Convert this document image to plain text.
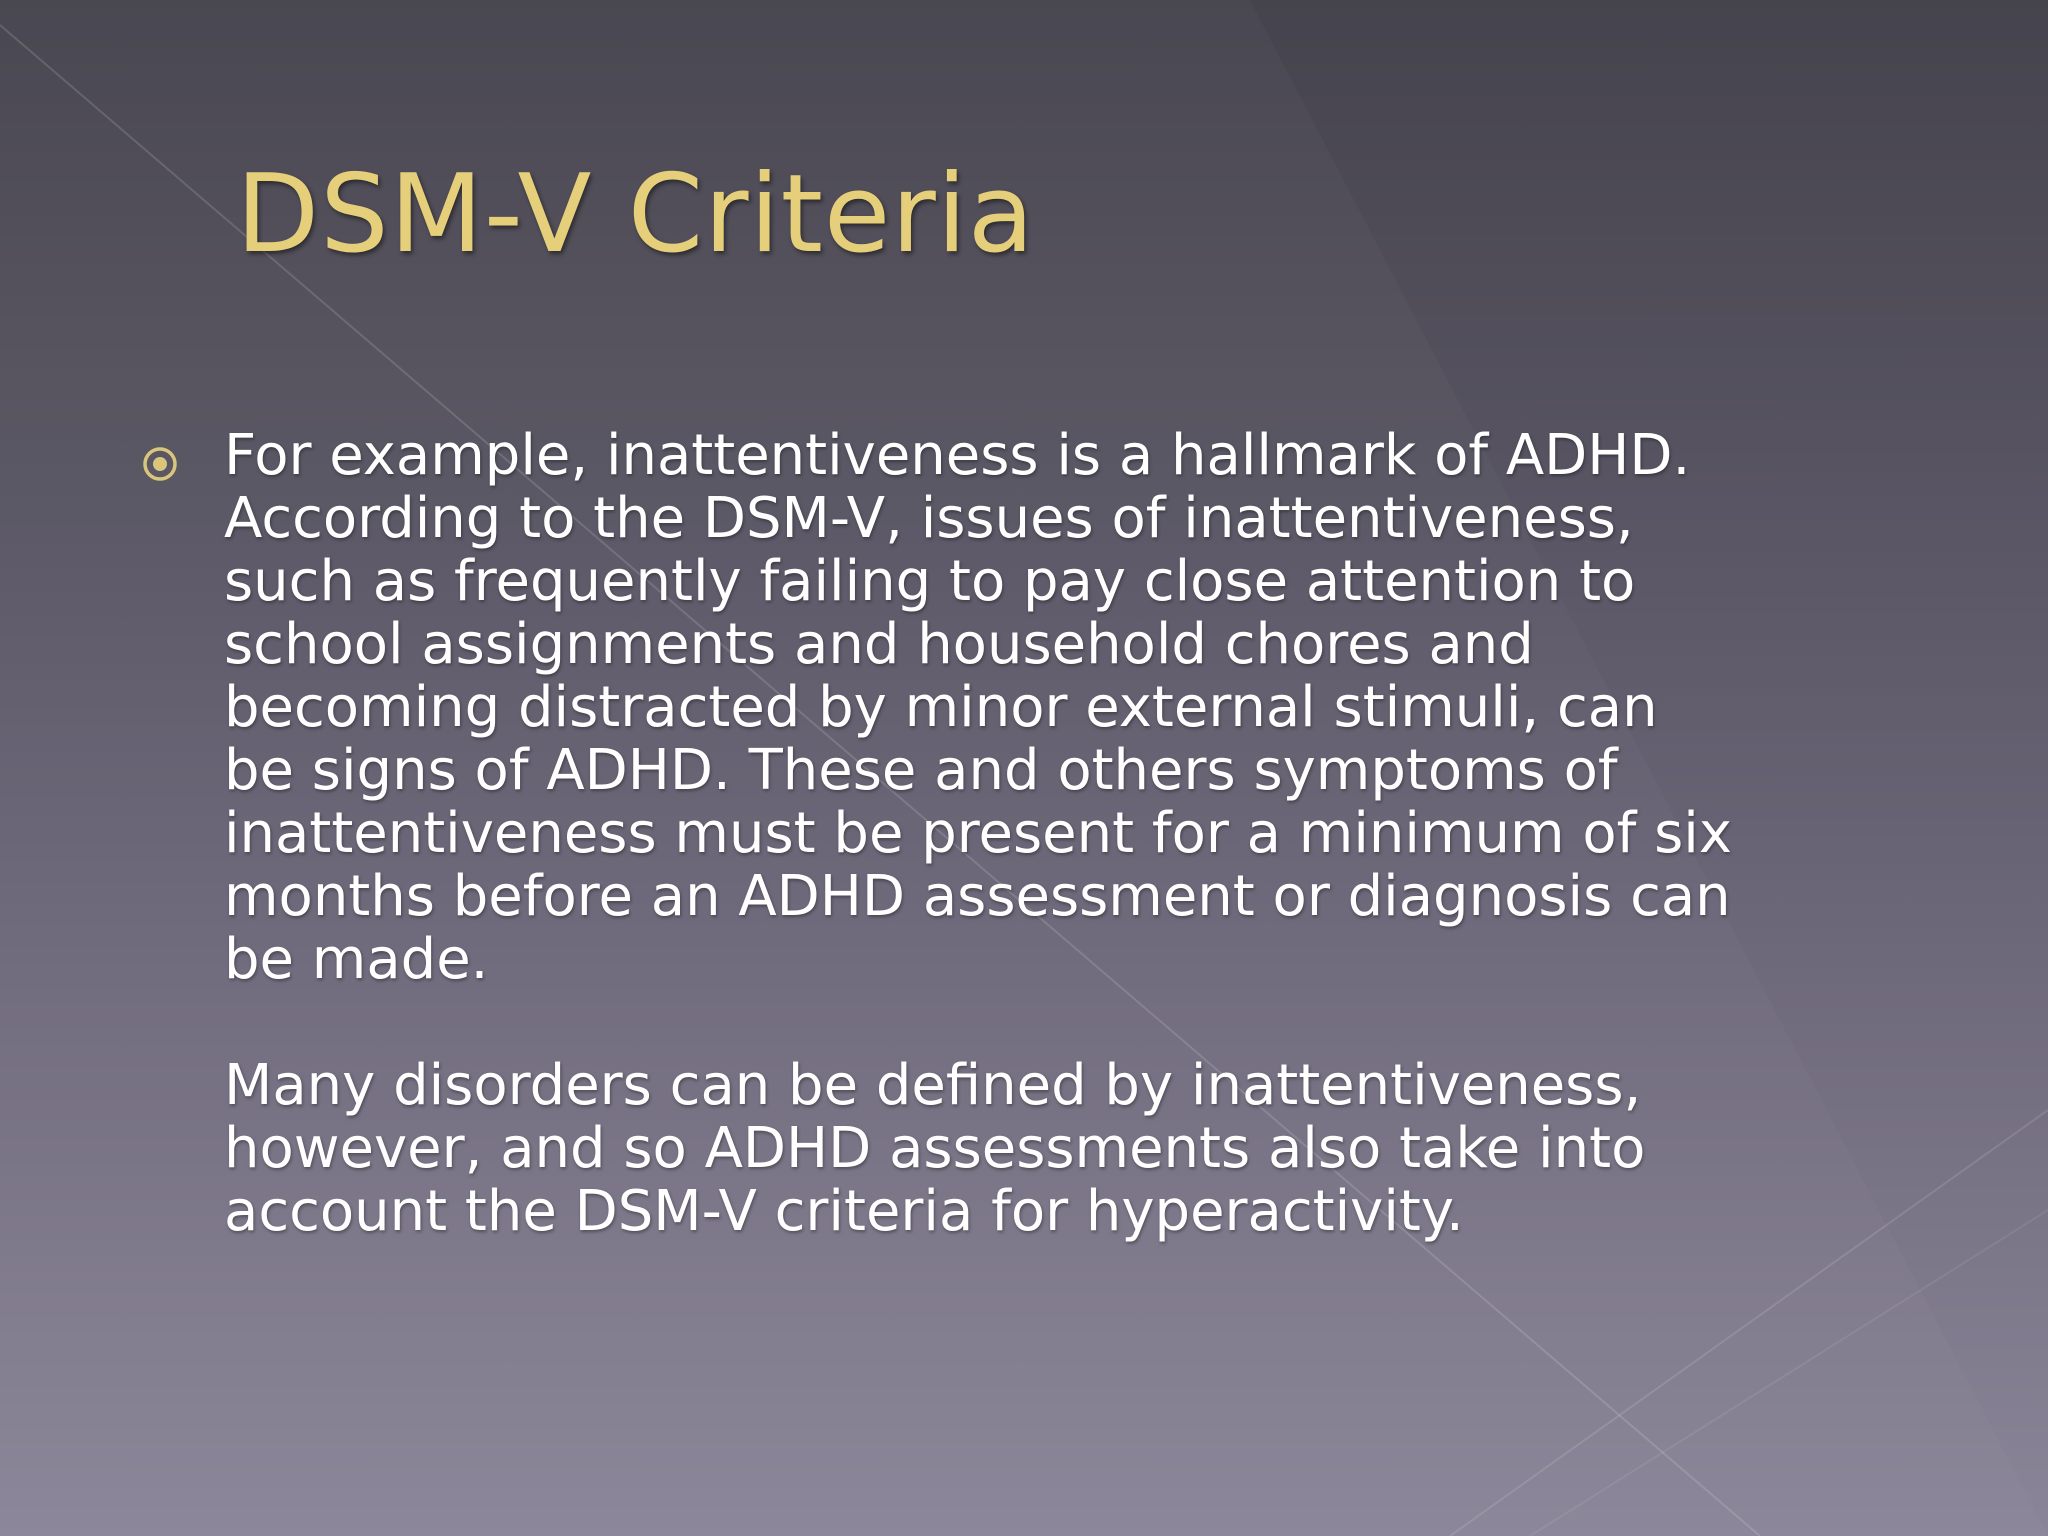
DSM-V Criteria
For example, inattentiveness is a hallmark of ADHD.
According to the DSM-V, issues of inattentiveness,
such as frequently failing to pay close attention to
school assignments and household chores and
becoming distracted by minor external stimuli, can
be signs of ADHD. These and others symptoms of
inattentiveness must be present for a minimum of six
months before an ADHD assessment or diagnosis can
be made.
Many disorders can be defined by inattentiveness,
however, and so ADHD assessments also take into
account the DSM-V criteria for hyperactivity.
